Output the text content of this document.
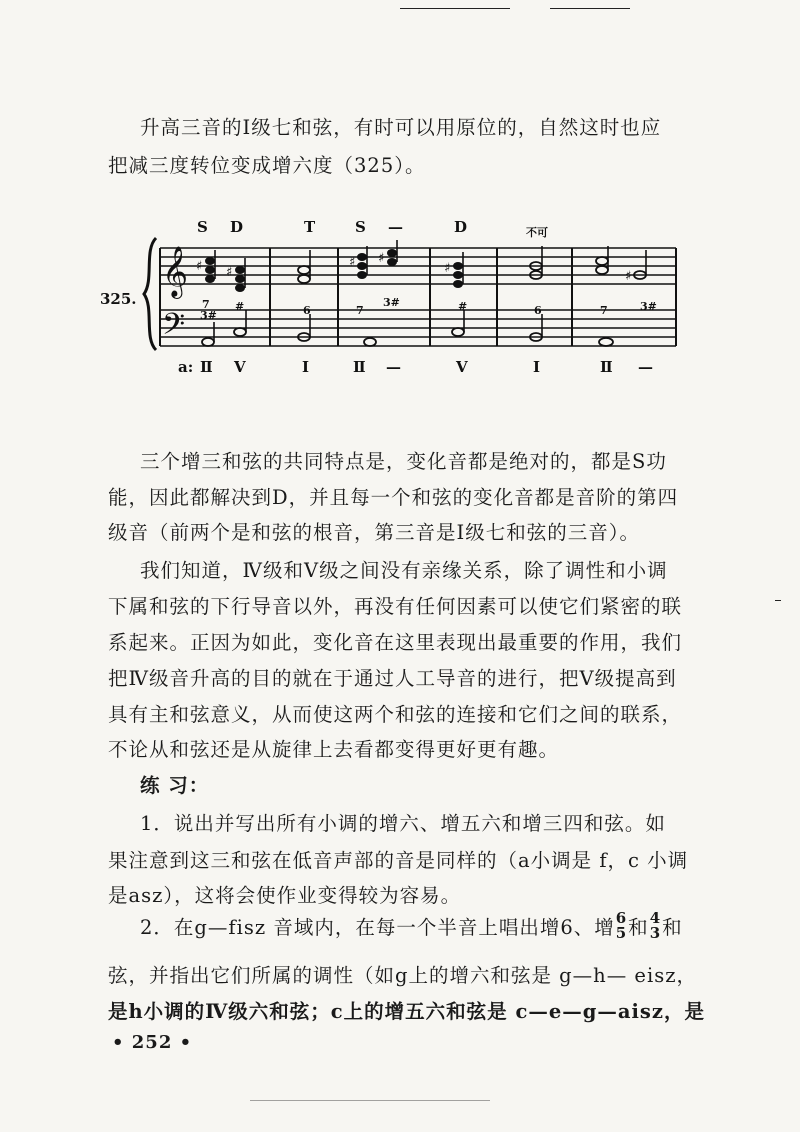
升高三音的Ⅰ级七和弦，有时可以用原位的，自然这时也应
把减三度转位变成增六度（325）。
S D	T	S —	D	不可
𝄞
𝄢
♯ ♯
♯ ♯
♯
♯
7
3#
#	6	7
3#	#	6	7	3#
325.
a: Ⅱ Ⅴ	Ⅰ	Ⅱ —	Ⅴ	Ⅰ	Ⅱ —
三个增三和弦的共同特点是，变化音都是绝对的，都是S功
能，因此都解决到D，并且每一个和弦的变化音都是音阶的第四
级音（前两个是和弦的根音，第三音是Ⅰ级七和弦的三音）。
我们知道，Ⅳ级和Ⅴ级之间没有亲缘关系，除了调性和小调
下属和弦的下行导音以外，再没有任何因素可以使它们紧密的联
系起来。正因为如此，变化音在这里表现出最重要的作用，我们
把Ⅳ级音升高的目的就在于通过人工导音的进行，把Ⅴ级提高到
具有主和弦意义，从而使这两个和弦的连接和它们之间的联系，
不论从和弦还是从旋律上去看都变得更好更有趣。
练 习：
1．说出并写出所有小调的增六、增五六和增三四和弦。如
果注意到这三和弦在低音声部的音是同样的（a小调是 f，c 小调
是asz），这将会使作业变得较为容易。
2．在g—fisz 音域内，在每一个半音上唱出增6、增 6
5 和 4
3 和
弦，并指出它们所属的调性（如g上的增六和弦是 g—h— eisz，
是h小调的Ⅳ级六和弦；c上的增五六和弦是 c—e—g—aisz，是
• 252 •
